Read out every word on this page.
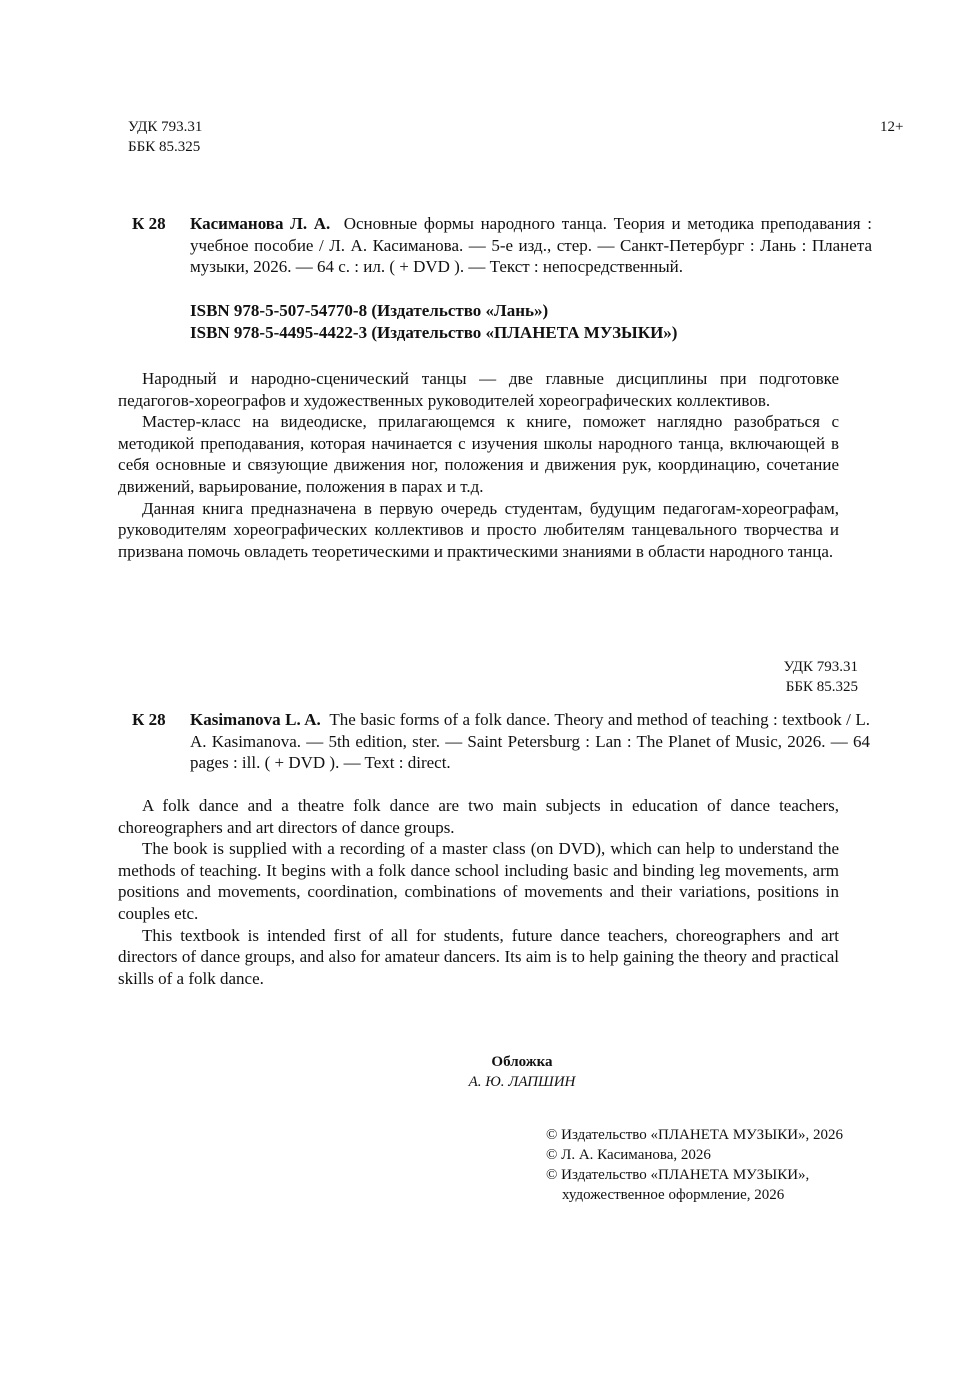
УДК 793.31
ББК 85.325
12+
К 28	Касиманова Л. А. Основные формы народного танца. Теория и методика преподавания : учебное пособие / Л. А. Касиманова. — 5-е изд., стер. — Санкт-Петербург : Лань : Планета музыки, 2026. — 64 с. : ил. ( + DVD ). — Текст : непосредственный.
ISBN 978-5-507-54770-8 (Издательство «Лань»)
ISBN 978-5-4495-4422-3 (Издательство «ПЛАНЕТА МУЗЫКИ»)

Народный и народно-сценический танцы — две главные дисциплины при подготовке педагогов-хореографов и художественных руководителей хореографических коллективов.

Мастер-класс на видеодиске, прилагающемся к книге, поможет наглядно разобраться с методикой преподавания, которая начинается с изучения школы народного танца, включающей в себя основные и связующие движения ног, положения и движения рук, координацию, сочетание движений, варьирование, положения в парах и т.д.

Данная книга предназначена в первую очередь студентам, будущим педагогам-хореографам, руководителям хореографических коллективов и просто любителям танцевального творчества и призвана помочь овладеть теоретическими и практическими знаниями в области народного танца.

УДК 793.31
ББК 85.325
К 28	Kasimanova L. A. The basic forms of a folk dance. Theory and method of teaching : textbook / L. A. Kasimanova. — 5th edition, ster. — Saint Petersburg : Lan : The Planet of Music, 2026. — 64 pages : ill. ( + DVD ). — Text : direct.

A folk dance and a theatre folk dance are two main subjects in education of dance teachers, choreographers and art directors of dance groups.

The book is supplied with a recording of a master class (on DVD), which can help to understand the methods of teaching. It begins with a folk dance school including basic and binding leg movements, arm positions and movements, coordination, combinations of movements and their variations, positions in couples etc.

This textbook is intended first of all for students, future dance teachers, choreographers and art directors of dance groups, and also for amateur dancers. Its aim is to help gaining the theory and practical skills of a folk dance.

Обложка
А. Ю. ЛАПШИН
© Издательство «ПЛАНЕТА МУЗЫКИ», 2026
© Л. А. Касиманова, 2026
© Издательство «ПЛАНЕТА МУЗЫКИ»,
художественное оформление, 2026
